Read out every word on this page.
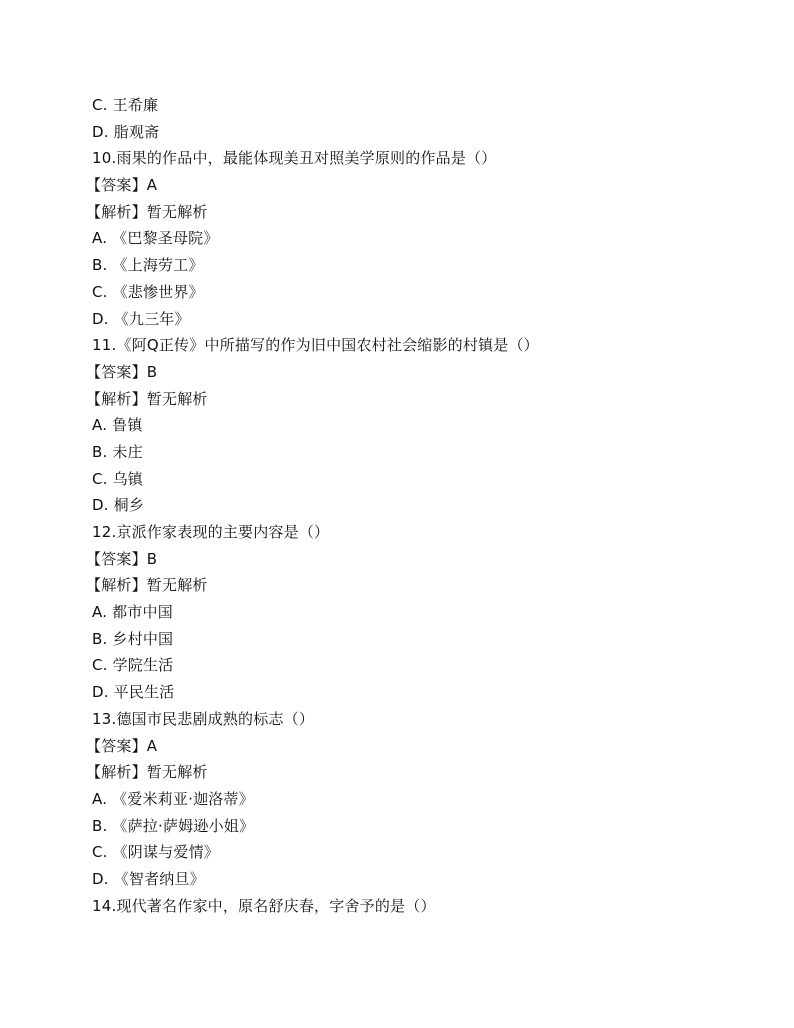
C. 王希廉
D. 脂观斋
10.雨果的作品中，最能体现美丑对照美学原则的作品是（）
【答案】A
【解析】暂无解析
A. 《巴黎圣母院》
B. 《上海劳工》
C. 《悲惨世界》
D. 《九三年》
11.《阿Q正传》中所描写的作为旧中国农村社会缩影的村镇是（）
【答案】B
【解析】暂无解析
A. 鲁镇
B. 未庄
C. 乌镇
D. 桐乡
12.京派作家表现的主要内容是（）
【答案】B
【解析】暂无解析
A. 都市中国
B. 乡村中国
C. 学院生活
D. 平民生活
13.德国市民悲剧成熟的标志（）
【答案】A
【解析】暂无解析
A. 《爱米莉亚·迦洛蒂》
B. 《萨拉·萨姆逊小姐》
C. 《阴谋与爱情》
D. 《智者纳旦》
14.现代著名作家中，原名舒庆春，字舍予的是（）
